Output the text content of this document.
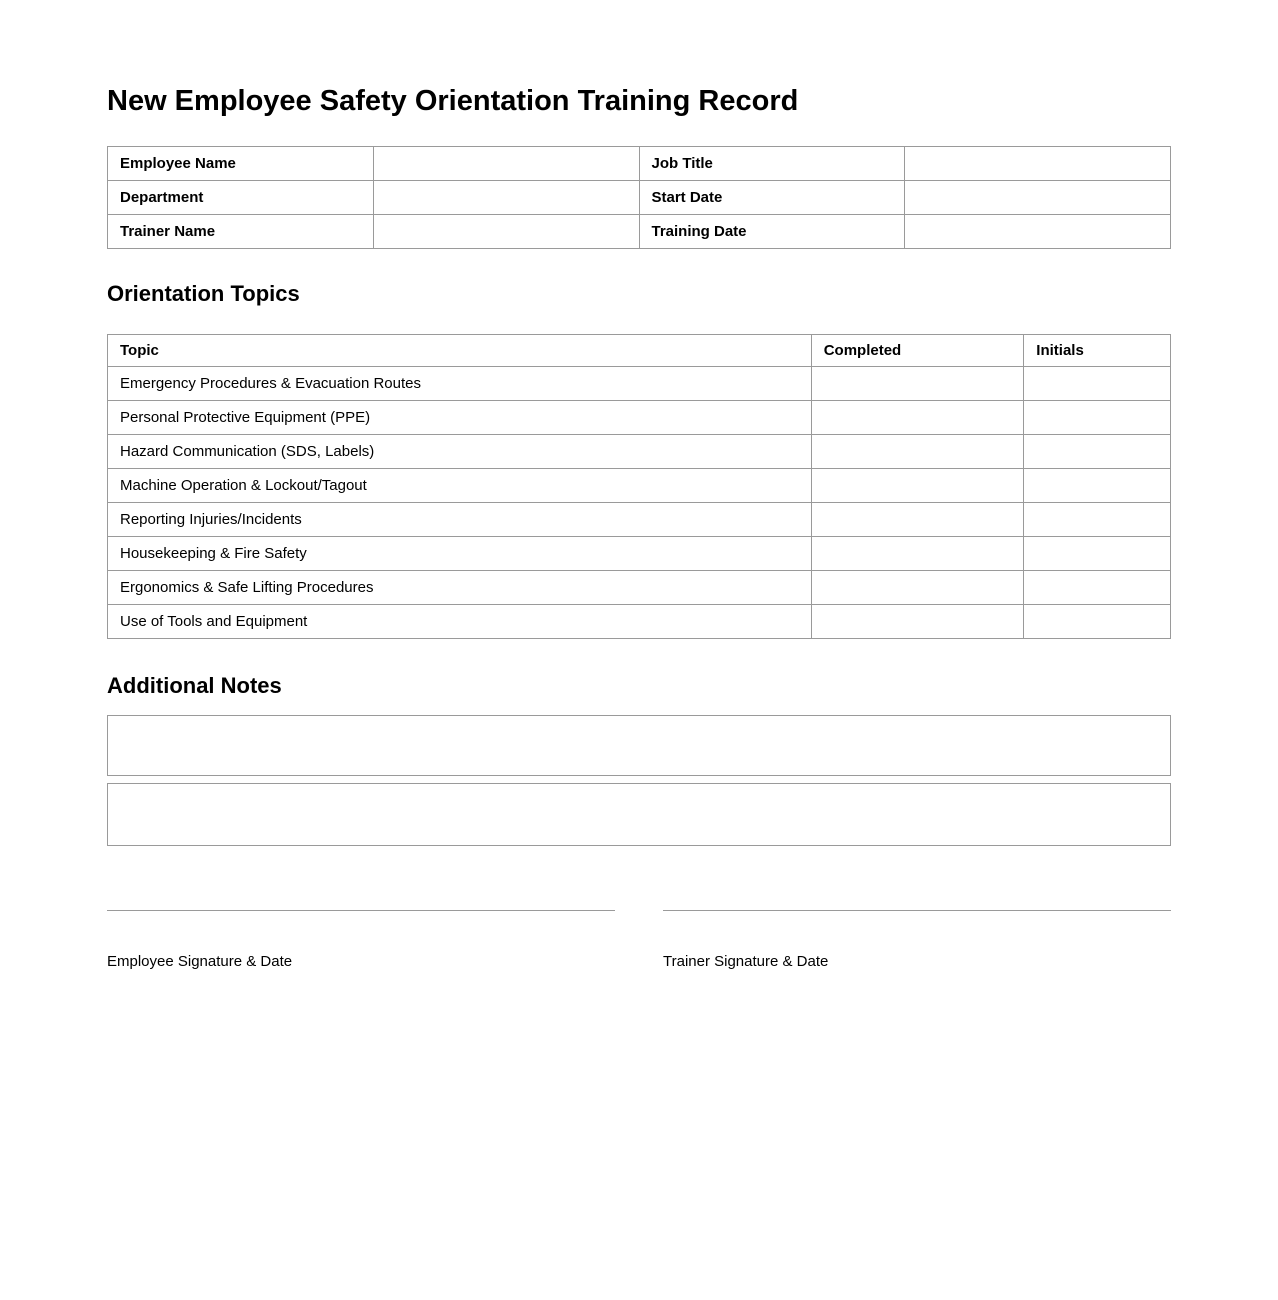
New Employee Safety Orientation Training Record
Employee Name		Job Title	
Department		Start Date	
Trainer Name		Training Date	
Orientation Topics
Topic	Completed	Initials
Emergency Procedures & Evacuation Routes		
Personal Protective Equipment (PPE)		
Hazard Communication (SDS, Labels)		
Machine Operation & Lockout/Tagout		
Reporting Injuries/Incidents		
Housekeeping & Fire Safety		
Ergonomics & Safe Lifting Procedures		
Use of Tools and Equipment		
Additional Notes
Employee Signature & Date	Trainer Signature & Date
